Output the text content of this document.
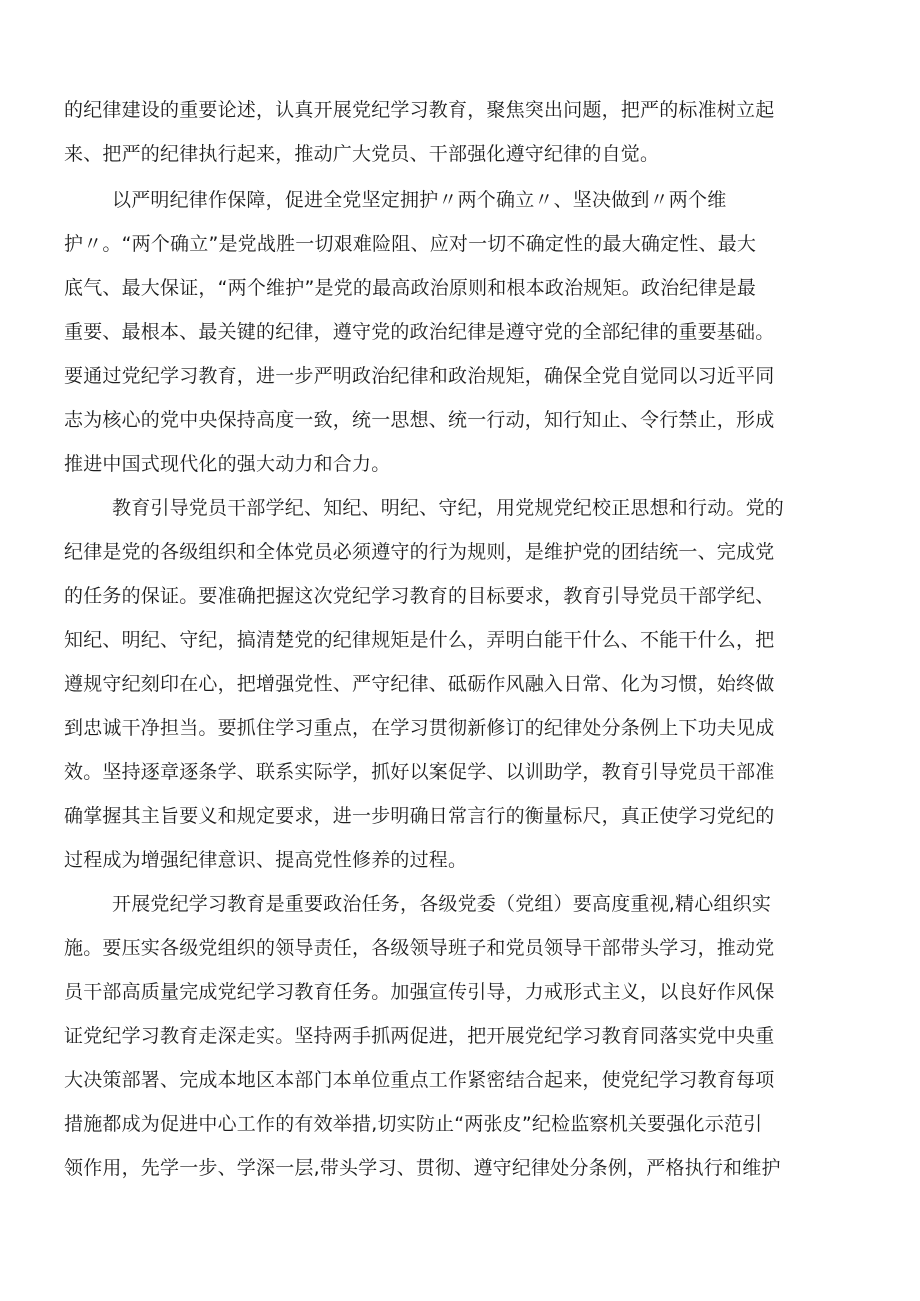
的纪律建设的重要论述，认真开展党纪学习教育，聚焦突出问题，把严的标准树立起

来、把严的纪律执行起来，推动广大党员、干部强化遵守纪律的自觉。

以严明纪律作保障，促进全党坚定拥护〃两个确立〃、坚决做到〃两个维

护〃。“两个确立”是党战胜一切艰难险阻、应对一切不确定性的最大确定性、最大

底气、最大保证，“两个维护”是党的最高政治原则和根本政治规矩。政治纪律是最

重要、最根本、最关键的纪律，遵守党的政治纪律是遵守党的全部纪律的重要基础。

要通过党纪学习教育，进一步严明政治纪律和政治规矩，确保全党自觉同以习近平同

志为核心的党中央保持高度一致，统一思想、统一行动，知行知止、令行禁止，形成

推进中国式现代化的强大动力和合力。

教育引导党员干部学纪、知纪、明纪、守纪，用党规党纪校正思想和行动。党的

纪律是党的各级组织和全体党员必须遵守的行为规则，是维护党的团结统一、完成党

的任务的保证。要准确把握这次党纪学习教育的目标要求，教育引导党员干部学纪、

知纪、明纪、守纪，搞清楚党的纪律规矩是什么，弄明白能干什么、不能干什么，把

遵规守纪刻印在心，把增强党性、严守纪律、砥砺作风融入日常、化为习惯，始终做

到忠诚干净担当。要抓住学习重点，在学习贯彻新修订的纪律处分条例上下功夫见成

效。坚持逐章逐条学、联系实际学，抓好以案促学、以训助学，教育引导党员干部准

确掌握其主旨要义和规定要求，进一步明确日常言行的衡量标尺，真正使学习党纪的

过程成为增强纪律意识、提高党性修养的过程。

开展党纪学习教育是重要政治任务，各级党委（党组）要高度重视,精心组织实

施。要压实各级党组织的领导责任，各级领导班子和党员领导干部带头学习，推动党

员干部高质量完成党纪学习教育任务。加强宣传引导，力戒形式主义，以良好作风保

证党纪学习教育走深走实。坚持两手抓两促进，把开展党纪学习教育同落实党中央重

大决策部署、完成本地区本部门本单位重点工作紧密结合起来，使党纪学习教育每项

措施都成为促进中心工作的有效举措,切实防止“两张皮”纪检监察机关要强化示范引

领作用，先学一步、学深一层,带头学习、贯彻、遵守纪律处分条例，严格执行和维护
